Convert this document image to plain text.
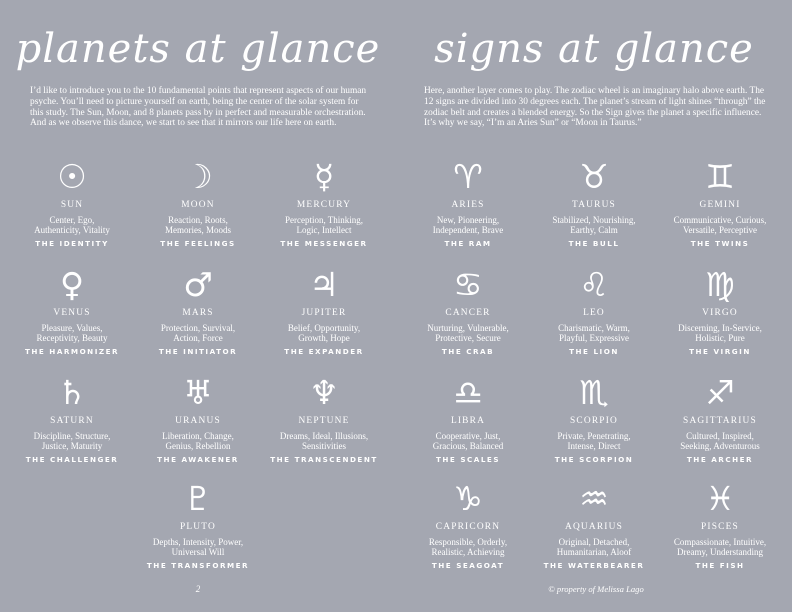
planets at glance
I’d like to introduce you to the 10 fundamental points that represent aspects of our human psyche. You’ll need to picture yourself on earth, being the center of the solar system for this study. The Sun, Moon, and 8 planets pass by in perfect and measurable orchestration. And as we observe this dance, we start to see that it mirrors our life here on earth.
☉
SUN
Center, Ego,
Authenticity, Vitality
THE IDENTITY
☽
MOON
Reaction, Roots,
Memories, Moods
THE FEELINGS
☿
MERCURY
Perception, Thinking,
Logic, Intellect
THE MESSENGER
♀
VENUS
Pleasure, Values,
Receptivity, Beauty
THE HARMONIZER
♂
MARS
Protection, Survival,
Action, Force
THE INITIATOR
♃
JUPITER
Belief, Opportunity,
Growth, Hope
THE EXPANDER
♄
SATURN
Discipline, Structure,
Justice, Maturity
THE CHALLENGER
♅
URANUS
Liberation, Change,
Genius, Rebellion
THE AWAKENER
♆
NEPTUNE
Dreams, Ideal, Illusions,
Sensitivities
THE TRANSCENDENT
♇
PLUTO
Depths, Intensity, Power,
Universal Will
THE TRANSFORMER
2
signs at glance
Here, another layer comes to play. The zodiac wheel is an imaginary halo above earth. The 12 signs are divided into 30 degrees each. The planet’s stream of light shines “through” the zodiac belt and creates a blended energy. So the Sign gives the planet a specific influence. It’s why we say, “I’m an Aries Sun” or “Moon in Taurus.”
♈
ARIES
New, Pioneering,
Independent, Brave
THE RAM
♉
TAURUS
Stabilized, Nourishing,
Earthy, Calm
THE BULL
♊
GEMINI
Communicative, Curious,
Versatile, Perceptive
THE TWINS
♋
CANCER
Nurturing, Vulnerable,
Protective, Secure
THE CRAB
♌
LEO
Charismatic, Warm,
Playful, Expressive
THE LION
♍
VIRGO
Discerning, In-Service,
Holistic, Pure
THE VIRGIN
♎
LIBRA
Cooperative, Just,
Gracious, Balanced
THE SCALES
♏
SCORPIO
Private, Penetrating,
Intense, Direct
THE SCORPION
♐
SAGITTARIUS
Cultured, Inspired,
Seeking, Adventurous
THE ARCHER
♑
CAPRICORN
Responsible, Orderly,
Realistic, Achieving
THE SEAGOAT
♒
AQUARIUS
Original, Detached,
Humanitarian, Aloof
THE WATERBEARER
♓
PISCES
Compassionate, Intuitive,
Dreamy, Understanding
THE FISH
© property of Melissa Lago
